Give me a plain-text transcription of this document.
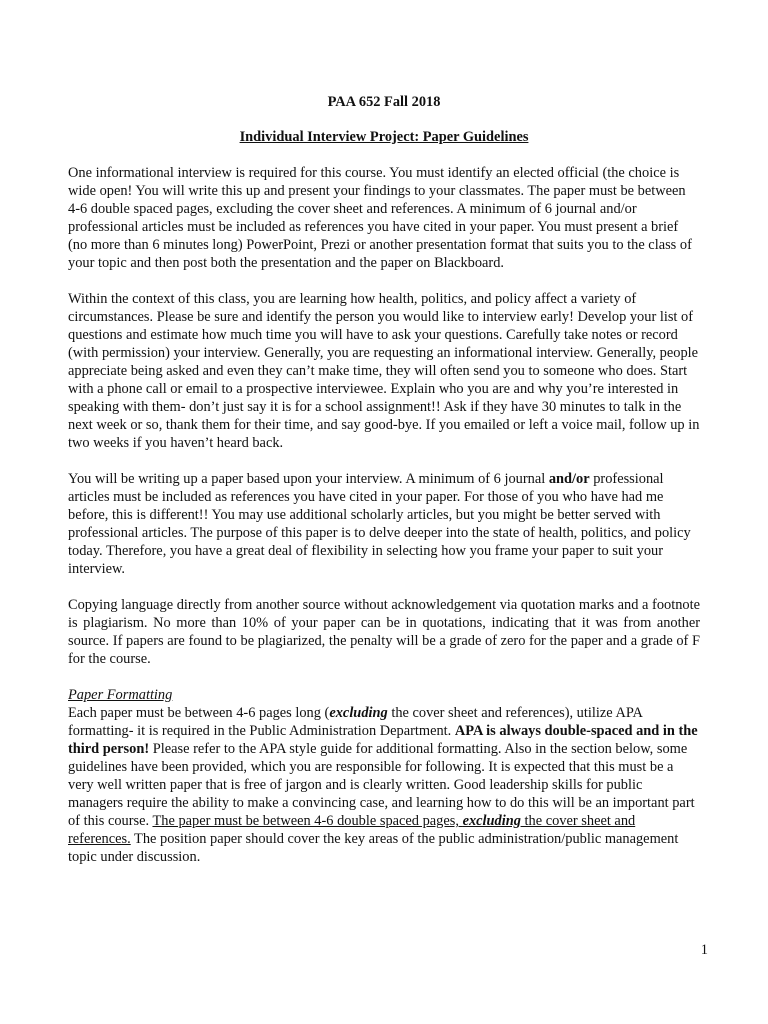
PAA 652 Fall 2018
Individual Interview Project: Paper Guidelines

One informational interview is required for this course. You must identify an elected official (the choice is wide open! You will write this up and present your findings to your classmates. The paper must be between 4-6 double spaced pages, excluding the cover sheet and references. A minimum of 6 journal and/or professional articles must be included as references you have cited in your paper. You must present a brief (no more than 6 minutes long) PowerPoint, Prezi or another presentation format that suits you to the class of your topic and then post both the presentation and the paper on Blackboard.

Within the context of this class, you are learning how health, politics, and policy affect a variety of circumstances. Please be sure and identify the person you would like to interview early! Develop your list of questions and estimate how much time you will have to ask your questions. Carefully take notes or record (with permission) your interview. Generally, you are requesting an informational interview. Generally, people appreciate being asked and even they can’t make time, they will often send you to someone who does. Start with a phone call or email to a prospective interviewee. Explain who you are and why you’re interested in speaking with them- don’t just say it is for a school assignment!! Ask if they have 30 minutes to talk in the next week or so, thank them for their time, and say good-bye. If you emailed or left a voice mail, follow up in two weeks if you haven’t heard back.

You will be writing up a paper based upon your interview. A minimum of 6 journal and/or professional articles must be included as references you have cited in your paper. For those of you who have had me before, this is different!! You may use additional scholarly articles, but you might be better served with professional articles. The purpose of this paper is to delve deeper into the state of health, politics, and policy today. Therefore, you have a great deal of flexibility in selecting how you frame your paper to suit your interview.

Copying language directly from another source without acknowledgement via quotation marks and a footnote is plagiarism. No more than 10% of your paper can be in quotations, indicating that it was from another source. If papers are found to be plagiarized, the penalty will be a grade of zero for the paper and a grade of F for the course.

Paper Formatting

Each paper must be between 4-6 pages long (excluding the cover sheet and references), utilize APA formatting- it is required in the Public Administration Department. APA is always double-spaced and in the third person! Please refer to the APA style guide for additional formatting. Also in the section below, some guidelines have been provided, which you are responsible for following. It is expected that this must be a very well written paper that is free of jargon and is clearly written. Good leadership skills for public managers require the ability to make a convincing case, and learning how to do this will be an important part of this course. The paper must be between 4-6 double spaced pages, excluding the cover sheet and references. The position paper should cover the key areas of the public administration/public management topic under discussion.

1
